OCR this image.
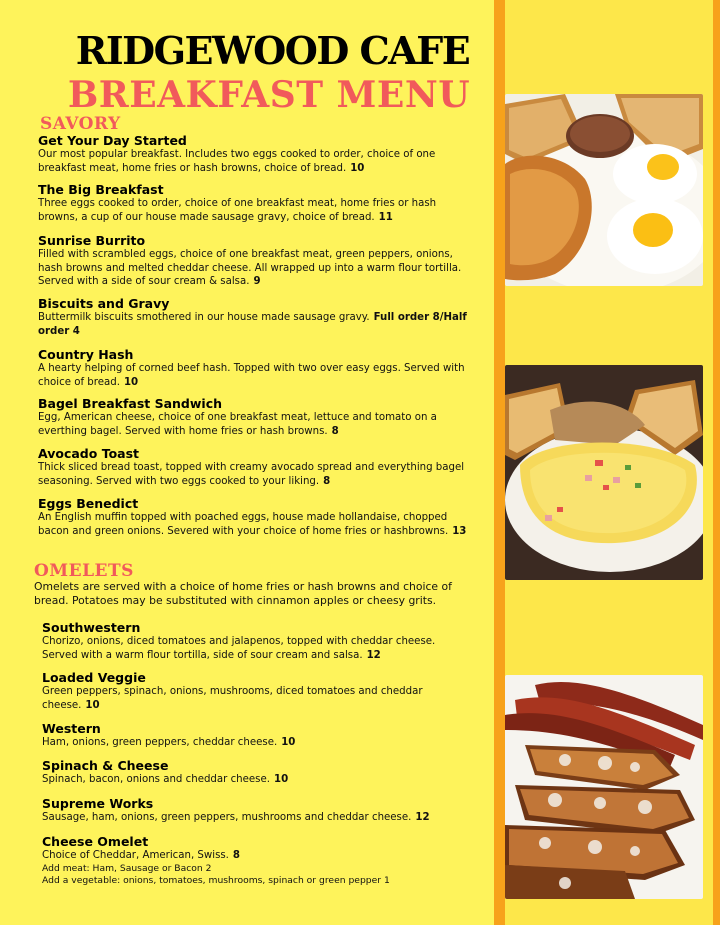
RIDGEWOOD CAFE
BREAKFAST MENU
SAVORY
Get Your Day Started
Our most popular breakfast. Includes two eggs cooked to order, choice of one breakfast meat, home fries or hash browns, choice of bread. 10
The Big Breakfast
Three eggs cooked to order, choice of one breakfast meat, home fries or hash browns, a cup of our house made sausage gravy, choice of bread. 11
Sunrise Burrito
Filled with scrambled eggs, choice of one breakfast meat, green peppers, onions, hash browns and melted cheddar cheese. All wrapped up into a warm flour tortilla. Served with a side of sour cream & salsa. 9
Biscuits and Gravy
Buttermilk biscuits smothered in our house made sausage gravy. Full order 8/Half order 4
Country Hash
A hearty helping of corned beef hash. Topped with two over easy eggs. Served with choice of bread. 10
Bagel Breakfast Sandwich
Egg, American cheese, choice of one breakfast meat, lettuce and tomato on a everthing bagel. Served with home fries or hash browns. 8
Avocado Toast
Thick sliced bread toast, topped with creamy avocado spread and everything bagel seasoning. Served with two eggs cooked to your liking. 8
Eggs Benedict
An English muffin topped with poached eggs, house made hollandaise, chopped bacon and green onions. Severed with your choice of home fries or hashbrowns. 13
OMELETS
Omelets are served with a choice of home fries or hash browns and choice of bread. Potatoes may be substituted with cinnamon apples or cheesy grits.
Southwestern
Chorizo, onions, diced tomatoes and jalapenos, topped with cheddar cheese. Served with a warm flour tortilla, side of sour cream and salsa. 12
Loaded Veggie
Green peppers, spinach, onions, mushrooms, diced tomatoes and cheddar cheese. 10
Western
Ham, onions, green peppers, cheddar cheese. 10
Spinach & Cheese
Spinach, bacon, onions and cheddar cheese. 10
Supreme Works
Sausage, ham, onions, green peppers, mushrooms and cheddar cheese. 12
Cheese Omelet
Choice of Cheddar, American, Swiss. 8
Add meat: Ham, Sausage or Bacon 2
Add a vegetable: onions, tomatoes, mushrooms, spinach or green pepper 1
